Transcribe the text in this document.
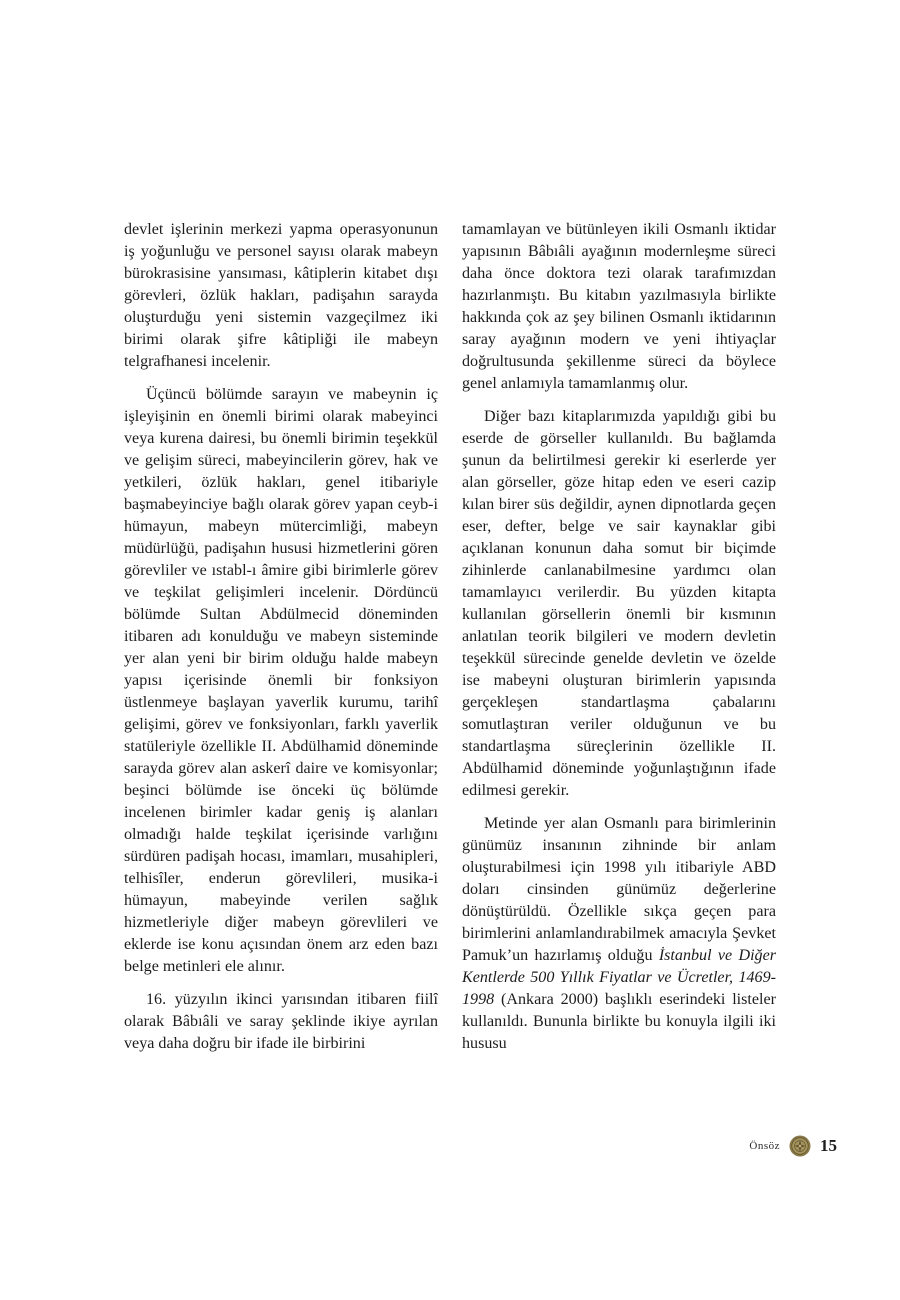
devlet işlerinin merkezi yapma operasyonunun iş yoğunluğu ve personel sayısı olarak mabeyn bürokrasisine yansıması, kâtiplerin kitabet dışı görevleri, özlük hakları, padişahın sarayda oluşturduğu yeni sistemin vazgeçilmez iki birimi olarak şifre kâtipliği ile mabeyn telgrafhanesi incelenir.

Üçüncü bölümde sarayın ve mabeynin iç işleyişinin en önemli birimi olarak mabeyinci veya kurena dairesi, bu önemli birimin teşekkül ve gelişim süreci, mabeyincilerin görev, hak ve yetkileri, özlük hakları, genel itibariyle başmabeyinciye bağlı olarak görev yapan ceyb-i hümayun, mabeyn mütercimliği, mabeyn müdürlüğü, padişahın hususi hizmetlerini gören görevliler ve ıstabl-ı âmire gibi birimlerle görev ve teşkilat gelişimleri incelenir. Dördüncü bölümde Sultan Abdülmecid döneminden itibaren adı konulduğu ve mabeyn sisteminde yer alan yeni bir birim olduğu halde mabeyn yapısı içerisinde önemli bir fonksiyon üstlenmeye başlayan yaverlik kurumu, tarihî gelişimi, görev ve fonksiyonları, farklı yaverlik statüleriyle özellikle II. Abdülhamid döneminde sarayda görev alan askerî daire ve komisyonlar; beşinci bölümde ise önceki üç bölümde incelenen birimler kadar geniş iş alanları olmadığı halde teşkilat içerisinde varlığını sürdüren padişah hocası, imamları, musahipleri, telhisîler, enderun görevlileri, musika-i hümayun, mabeyinde verilen sağlık hizmetleriyle diğer mabeyn görevlileri ve eklerde ise konu açısından önem arz eden bazı belge metinleri ele alınır.

16. yüzyılın ikinci yarısından itibaren fiilî olarak Bâbıâli ve saray şeklinde ikiye ayrılan veya daha doğru bir ifade ile birbirini

tamamlayan ve bütünleyen ikili Osmanlı iktidar yapısının Bâbıâli ayağının modernleşme süreci daha önce doktora tezi olarak tarafımızdan hazırlanmıştı. Bu kitabın yazılmasıyla birlikte hakkında çok az şey bilinen Osmanlı iktidarının saray ayağının modern ve yeni ihtiyaçlar doğrultusunda şekillenme süreci da böylece genel anlamıyla tamamlanmış olur.

Diğer bazı kitaplarımızda yapıldığı gibi bu eserde de görseller kullanıldı. Bu bağlamda şunun da belirtilmesi gerekir ki eserlerde yer alan görseller, göze hitap eden ve eseri cazip kılan birer süs değildir, aynen dipnotlarda geçen eser, defter, belge ve sair kaynaklar gibi açıklanan konunun daha somut bir biçimde zihinlerde canlanabilmesine yardımcı olan tamamlayıcı verilerdir. Bu yüzden kitapta kullanılan görsellerin önemli bir kısmının anlatılan teorik bilgileri ve modern devletin teşekkül sürecinde genelde devletin ve özelde ise mabeyni oluşturan birimlerin yapısında gerçekleşen standartlaşma çabalarını somutlaştıran veriler olduğunun ve bu standartlaşma süreçlerinin özellikle II. Abdülhamid döneminde yoğunlaştığının ifade edilmesi gerekir.

Metinde yer alan Osmanlı para birimlerinin günümüz insanının zihninde bir anlam oluşturabilmesi için 1998 yılı itibariyle ABD doları cinsinden günümüz değerlerine dönüştürüldü. Özellikle sıkça geçen para birimlerini anlamlandırabilmek amacıyla Şevket Pamuk’un hazırlamış olduğu İstanbul ve Diğer Kentlerde 500 Yıllık Fiyatlar ve Ücretler, 1469-1998 (Ankara 2000) başlıklı eserindeki listeler kullanıldı. Bununla birlikte bu konuyla ilgili iki hususu

Önsöz 15
